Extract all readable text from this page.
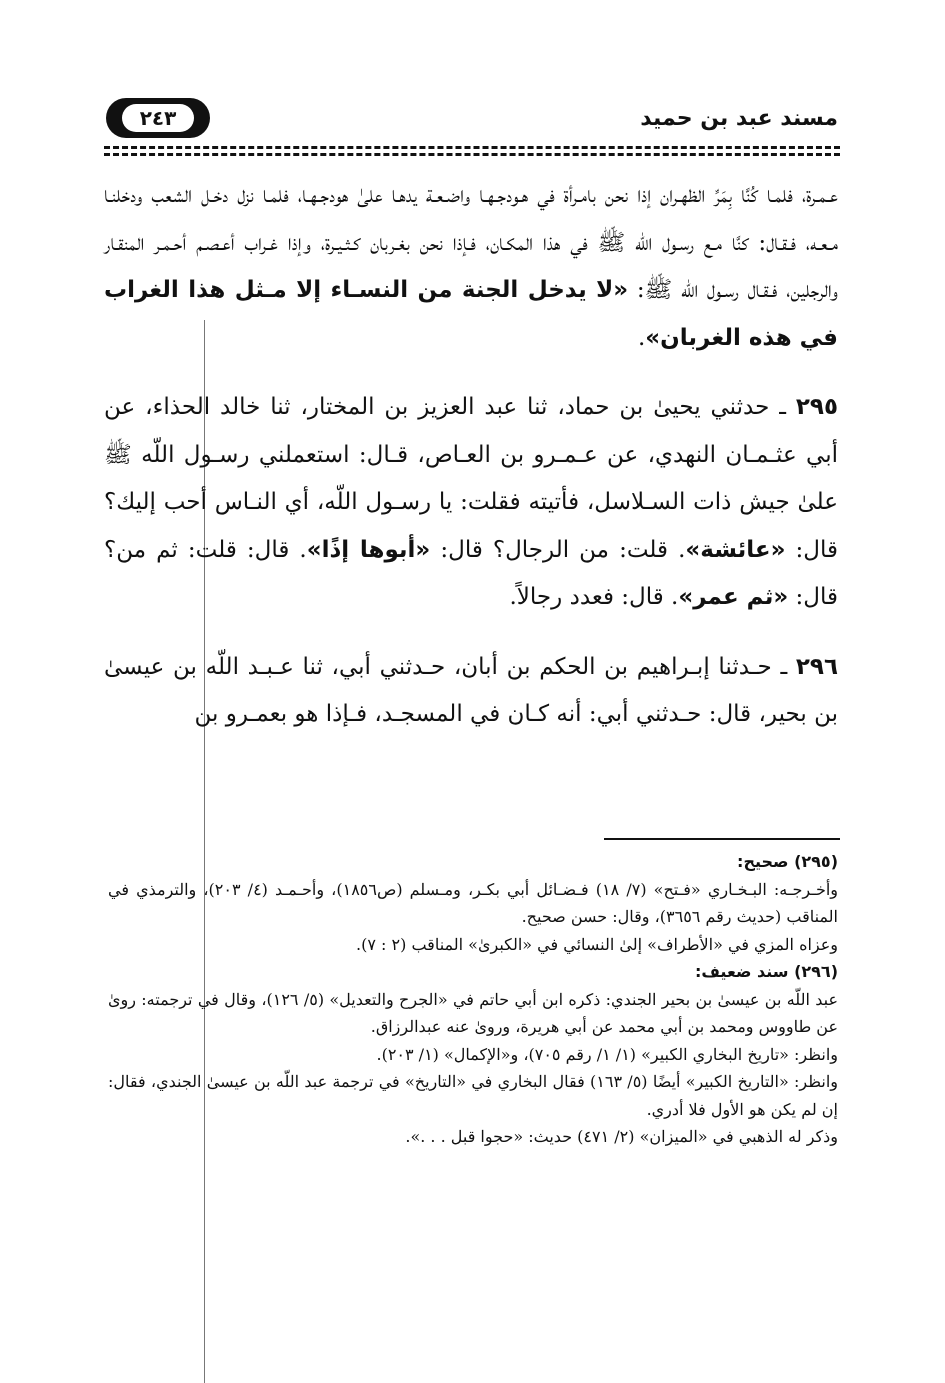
٢٤٣	مسند عبد بن حميد

عـمـرة، فلمـا كُنَّا بِمَرِّ الظهـران إذا نحن بامـرأة في هـودجـهـا واضـعـة يدهـا علىٰ هودجـهـا، فلمـا نزل دخـل الشعب ودخلنـا مـعـه، فـقـال: كنَّا مـع رسـول اللّه ﷺ في هذا المكـان، فـإذا نحن بغـربان كـثـيـرة، وإذا غـراب أعـصـم أحـمـر المنقـار والرجلين، فـقـال رسـول اللّه ﷺ: «لا يدخل الجنة من النسـاء إلا مـثل هذا الغراب في هذه الغربان».

٢٩٥ ـ حدثني يحيىٰ بن حماد، ثنا عبد العزيز بن المختار، ثنا خالد الحذاء، عن أبي عثـمـان النهدي، عن عـمـرو بن العـاص، قـال: استعملني رسـول اللّه ﷺ علىٰ جيش ذات السـلاسل، فأتيته فقلت: يا رسـول اللّه، أي النـاس أحب إليك؟ قال: «عائشة». قلت: من الرجال؟ قال: «أبوها إذًا». قال: قلت: ثم من؟ قال: «ثم عمر». قال: فعدد رجالاً.

٢٩٦ ـ حـدثنا إبـراهيم بن الحكم بن أبان، حـدثني أبي، ثنا عـبـد اللّه بن عيسىٰ بن بحير، قال: حـدثني أبي: أنه كـان في المسجـد، فـإذا هو بعمـرو بن

(٢٩٥) صحيح:

وأخـرجـه: البـخـاري «فـتح» (٧/ ١٨) فـضـائل أبي بكـر، ومـسلم (ص١٨٥٦)، وأحـمـد (٤/ ٢٠٣)، والترمذي في المناقب (حديث رقم ٣٦٥٦)، وقال: حسن صحيح.

وعزاه المزي في «الأطراف» إلىٰ النسائي في «الكبرىٰ» المناقب (٢ : ٧).

(٢٩٦) سند ضعيف:

عبد اللّه بن عيسىٰ بن بحير الجندي: ذكره ابن أبي حاتم في «الجرح والتعديل» (٥/ ١٢٦)، وقال في ترجمته: روىٰ عن طاووس ومحمد بن أبي محمد عن أبي هريرة، وروىٰ عنه عبدالرزاق.

وانظر: «تاريخ البخاري الكبير» (١/ ١/ رقم ٧٠٥)، و«الإكمال» (١/ ٢٠٣).

وانظر: «التاريخ الكبير» أيضًا (٥/ ١٦٣) فقال البخاري في «التاريخ» في ترجمة عبد اللّه بن عيسىٰ الجندي، فقال: إن لم يكن هو الأول فلا أدري.

وذكر له الذهبي في «الميزان» (٢/ ٤٧١) حديث: «حجوا قبل . . .».
